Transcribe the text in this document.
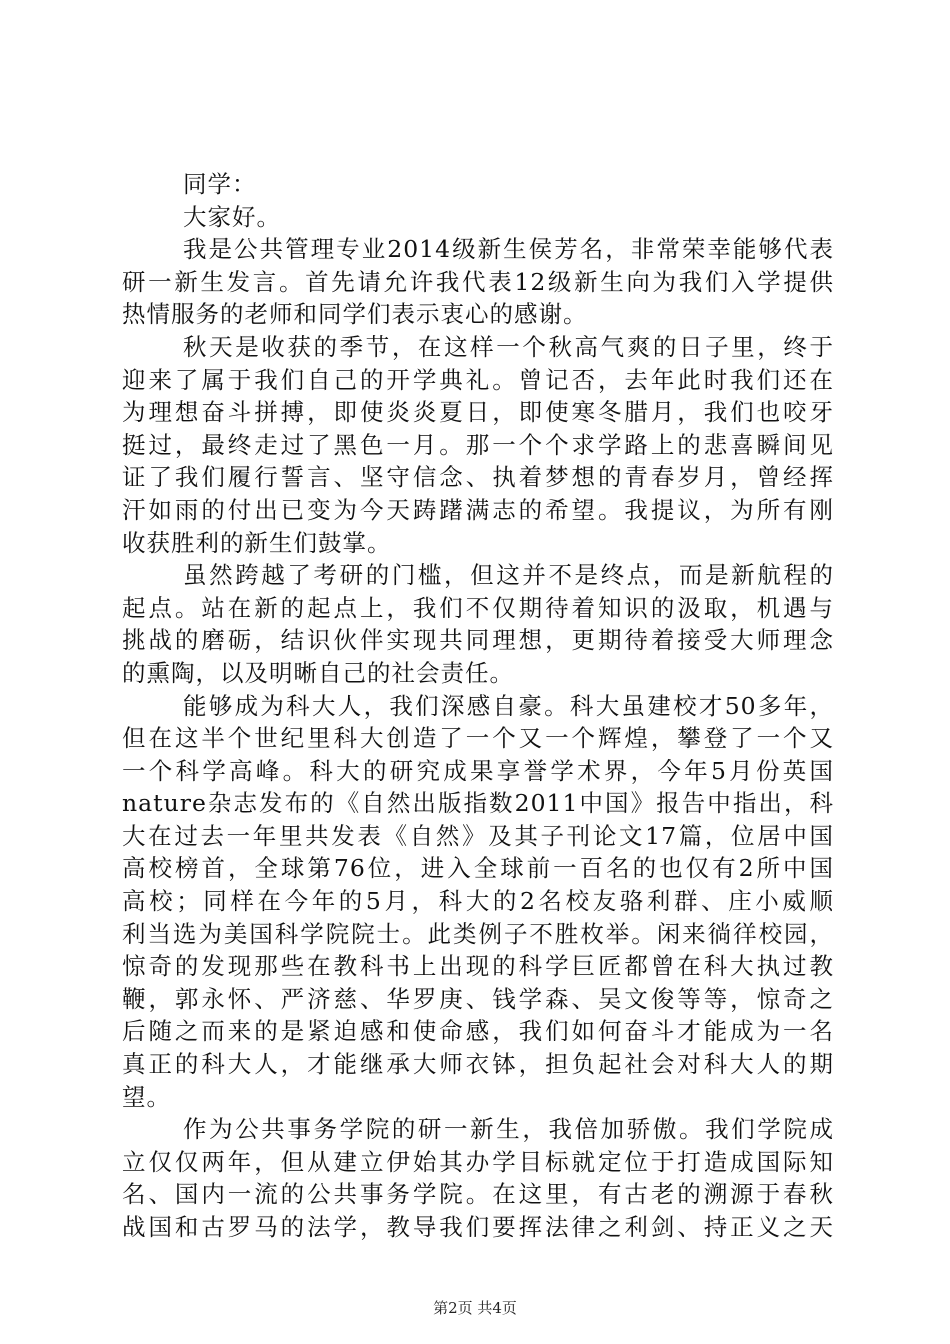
同学：
大家好。
我是公共管理专业2014级新生侯芳名，非常荣幸能够代表
研一新生发言。首先请允许我代表12级新生向为我们入学提供
热情服务的老师和同学们表示衷心的感谢。
秋天是收获的季节，在这样一个秋高气爽的日子里，终于
迎来了属于我们自己的开学典礼。曾记否，去年此时我们还在
为理想奋斗拼搏，即使炎炎夏日，即使寒冬腊月，我们也咬牙
挺过，最终走过了黑色一月。那一个个求学路上的悲喜瞬间见
证了我们履行誓言、坚守信念、执着梦想的青春岁月，曾经挥
汗如雨的付出已变为今天踌躇满志的希望。我提议，为所有刚
收获胜利的新生们鼓掌。
虽然跨越了考研的门槛，但这并不是终点，而是新航程的
起点。站在新的起点上，我们不仅期待着知识的汲取，机遇与
挑战的磨砺，结识伙伴实现共同理想，更期待着接受大师理念
的熏陶，以及明晰自己的社会责任。
能够成为科大人，我们深感自豪。科大虽建校才50多年，
但在这半个世纪里科大创造了一个又一个辉煌，攀登了一个又
一个科学高峰。科大的研究成果享誉学术界，今年5月份英国
nature杂志发布的《自然出版指数2011中国》报告中指出，科
大在过去一年里共发表《自然》及其子刊论文17篇，位居中国
高校榜首，全球第76位，进入全球前一百名的也仅有2所中国
高校；同样在今年的5月，科大的2名校友骆利群、庄小威顺
利当选为美国科学院院士。此类例子不胜枚举。闲来徜徉校园，
惊奇的发现那些在教科书上出现的科学巨匠都曾在科大执过教
鞭，郭永怀、严济慈、华罗庚、钱学森、吴文俊等等，惊奇之
后随之而来的是紧迫感和使命感，我们如何奋斗才能成为一名
真正的科大人，才能继承大师衣钵，担负起社会对科大人的期
望。
作为公共事务学院的研一新生，我倍加骄傲。我们学院成
立仅仅两年，但从建立伊始其办学目标就定位于打造成国际知
名、国内一流的公共事务学院。在这里，有古老的溯源于春秋
战国和古罗马的法学，教导我们要挥法律之利剑、持正义之天
第2页 共4页
